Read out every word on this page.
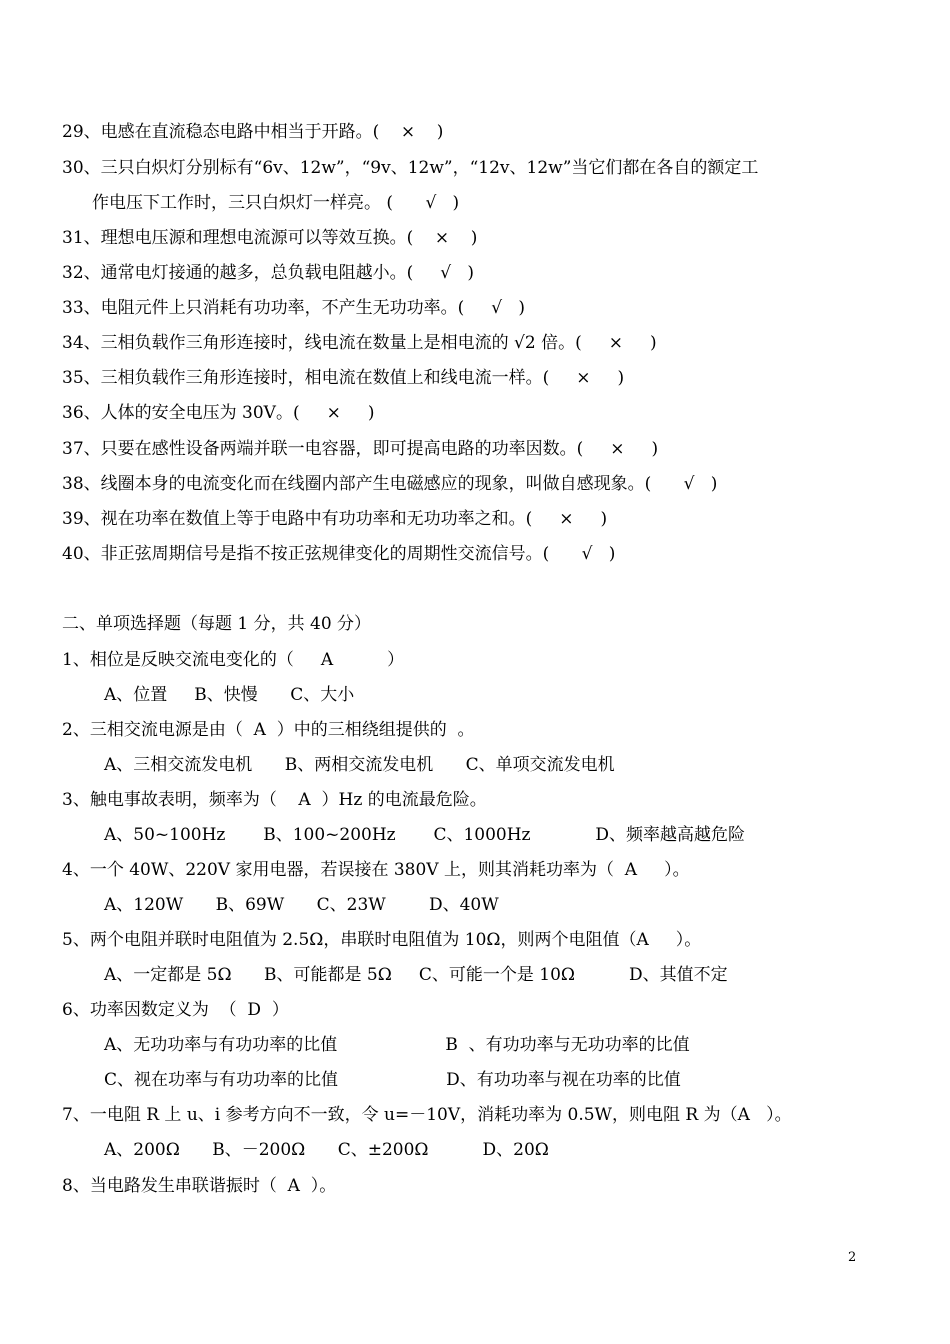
29、电感在直流稳态电路中相当于开路。(    ×    )
30、三只白炽灯分别标有“6v、12w”，“9v、12w”，“12v、12w”当它们都在各自的额定工
作电压下工作时，三只白炽灯一样亮。 (      √   )
31、理想电压源和理想电流源可以等效互换。(    ×    )
32、通常电灯接通的越多，总负载电阻越小。(     √   )
33、电阻元件上只消耗有功功率，不产生无功功率。(     √   )
34、三相负载作三角形连接时，线电流在数量上是相电流的 √2 倍。(     ×     )
35、三相负载作三角形连接时，相电流在数值上和线电流一样。(     ×     )
36、人体的安全电压为 30V。(     ×     )
37、只要在感性设备两端并联一电容器，即可提高电路的功率因数。(     ×     )
38、线圈本身的电流变化而在线圈内部产生电磁感应的现象，叫做自感现象。(      √   )
39、视在功率在数值上等于电路中有功功率和无功功率之和。(     ×     )
40、非正弦周期信号是指不按正弦规律变化的周期性交流信号。(      √   )
二、单项选择题（每题 1 分，共 40 分）
1、相位是反映交流电变化的（     A          ）
A、位置     B、快慢      C、大小
2、三相交流电源是由（  A  ）中的三相绕组提供的  。
A、三相交流发电机      B、两相交流发电机      C、单项交流发电机
3、触电事故表明，频率为（    A  ）Hz 的电流最危险。
A、50~100Hz       B、100~200Hz       C、1000Hz            D、频率越高越危险
4、一个 40W、220V 家用电器，若误接在 380V 上，则其消耗功率为（  A     ）。
A、120W      B、69W      C、23W        D、40W
5、两个电阻并联时电阻值为 2.5Ω，串联时电阻值为 10Ω，则两个电阻值（A     ）。
A、一定都是 5Ω      B、可能都是 5Ω     C、可能一个是 10Ω          D、其值不定
6、功率因数定义为  （  D  ）
A、无功功率与有功功率的比值                    B  、有功功率与无功功率的比值
C、视在功率与有功功率的比值                    D、有功功率与视在功率的比值
7、一电阻 R 上 u、i 参考方向不一致，令 u=－10V，消耗功率为 0.5W，则电阻 R 为（A   ）。
A、200Ω      B、－200Ω      C、±200Ω          D、20Ω
8、当电路发生串联谐振时（  A  ）。
2
